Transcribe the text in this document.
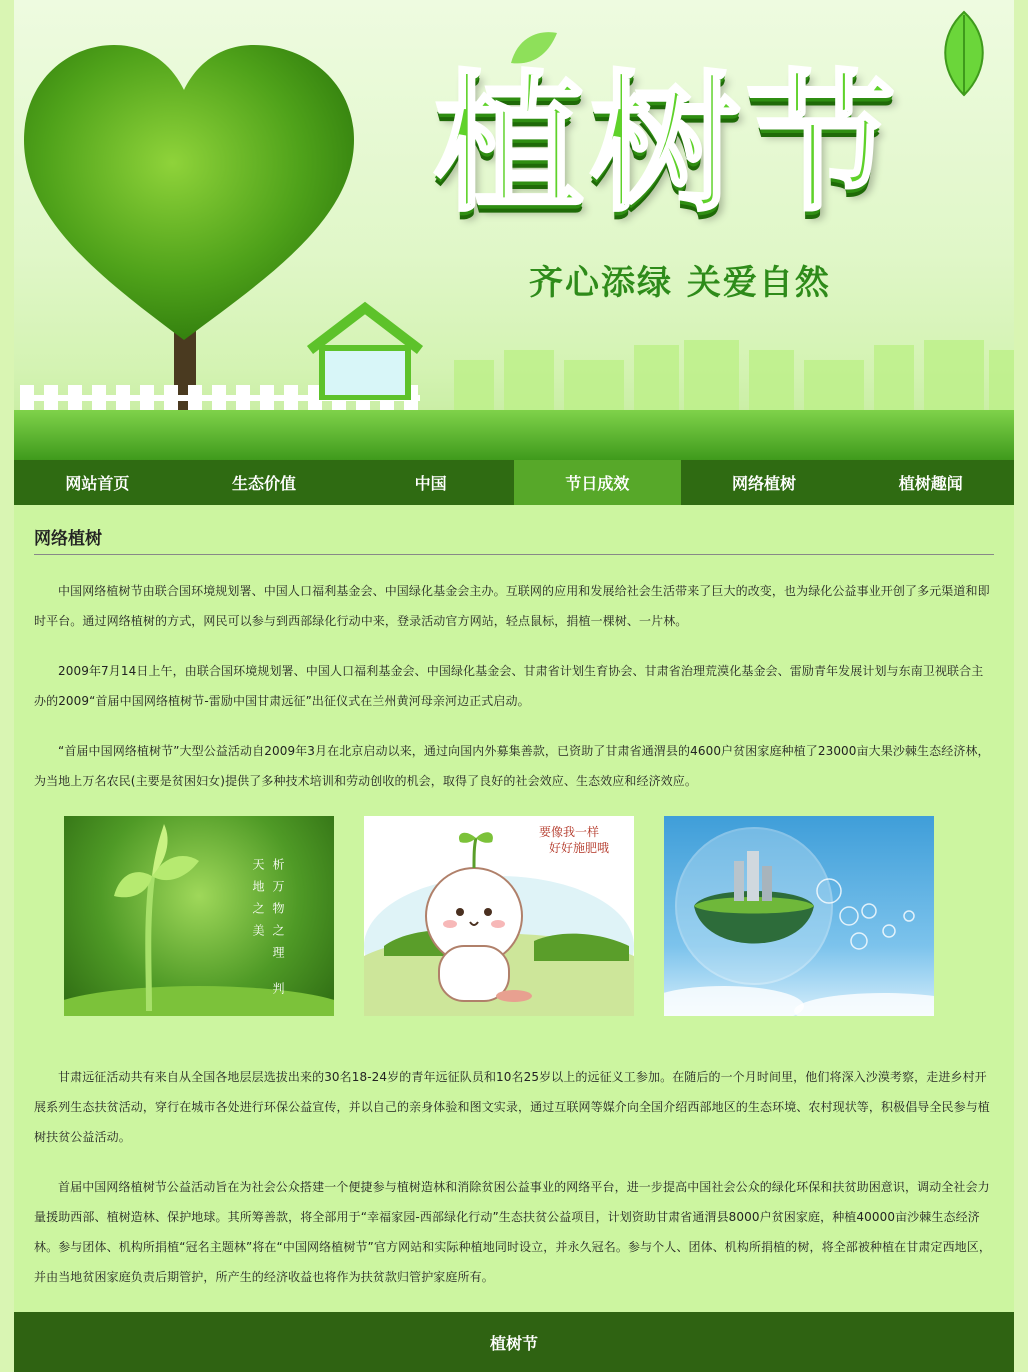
植树节
齐心添绿 关爱自然
网站首页	生态价值	中国	节日成效	网络植树	植树趣闻
网络植树

中国网络植树节由联合国环境规划署、中国人口福利基金会、中国绿化基金会主办。互联网的应用和发展给社会生活带来了巨大的改变，也为绿化公益事业开创了多元渠道和即时平台。通过网络植树的方式，网民可以参与到西部绿化行动中来，登录活动官方网站，轻点鼠标，捐植一棵树、一片林。

2009年7月14日上午，由联合国环境规划署、中国人口福利基金会、中国绿化基金会、甘肃省计划生育协会、甘肃省治理荒漠化基金会、雷励青年发展计划与东南卫视联合主办的2009“首届中国网络植树节-雷励中国甘肃远征”出征仪式在兰州黄河母亲河边正式启动。

“首届中国网络植树节”大型公益活动自2009年3月在北京启动以来，通过向国内外募集善款，已资助了甘肃省通渭县的4600户贫困家庭种植了23000亩大果沙棘生态经济林，为当地上万名农民(主要是贫困妇女)提供了多种技术培训和劳动创收的机会，取得了良好的社会效应、生态效应和经济效应。

析万物之理 判天地之美
要像我一样
好好施肥哦

甘肃远征活动共有来自从全国各地层层选拔出来的30名18-24岁的青年远征队员和10名25岁以上的远征义工参加。在随后的一个月时间里，他们将深入沙漠考察，走进乡村开展系列生态扶贫活动，穿行在城市各处进行环保公益宣传，并以自己的亲身体验和图文实录，通过互联网等媒介向全国介绍西部地区的生态环境、农村现状等，积极倡导全民参与植树扶贫公益活动。

首届中国网络植树节公益活动旨在为社会公众搭建一个便捷参与植树造林和消除贫困公益事业的网络平台，进一步提高中国社会公众的绿化环保和扶贫助困意识，调动全社会力量援助西部、植树造林、保护地球。其所筹善款，将全部用于“幸福家园-西部绿化行动”生态扶贫公益项目，计划资助甘肃省通渭县8000户贫困家庭，种植40000亩沙棘生态经济林。参与团体、机构所捐植“冠名主题林”将在“中国网络植树节”官方网站和实际种植地同时设立，并永久冠名。参与个人、团体、机构所捐植的树，将全部被种植在甘肃定西地区，并由当地贫困家庭负责后期管护，所产生的经济收益也将作为扶贫款归管护家庭所有。

植树节
